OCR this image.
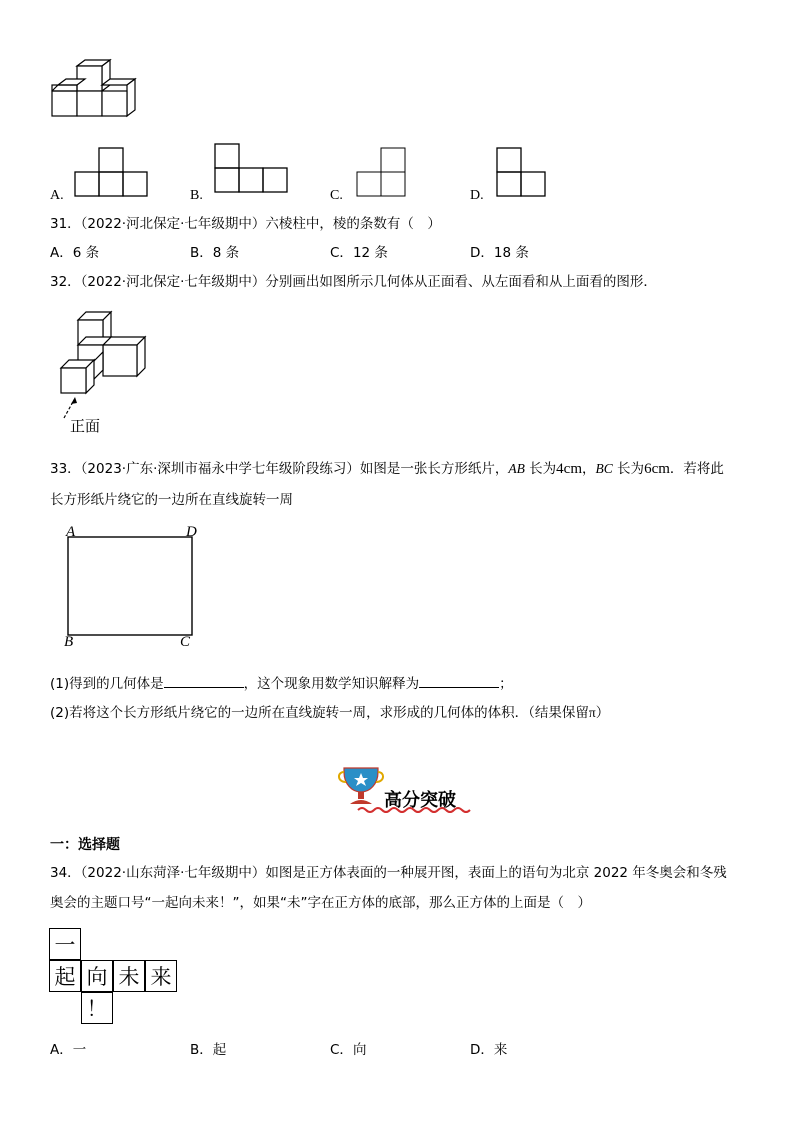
A.	B.	C.	D.
31．（2022·河北保定·七年级期中）六棱柱中，棱的条数有（　）
A．6 条	B．8 条	C．12 条	D．18 条
32．（2022·河北保定·七年级期中）分别画出如图所示几何体从正面看、从左面看和从上面看的图形．
正面
33．（2023·广东·深圳市福永中学七年级阶段练习）如图是一张长方形纸片，AB 长为4cm，BC 长为6cm．若将此
长方形纸片绕它的一边所在直线旋转一周
A	D
B	C
(1)得到的几何体是	，这个现象用数学知识解释为	；
(2)若将这个长方形纸片绕它的一边所在直线旋转一周，求形成的几何体的体积．（结果保留π）
高分突破
一：选择题
34．（2022·山东菏泽·七年级期中）如图是正方体表面的一种展开图，表面上的语句为北京 2022 年冬奥会和冬残
奥会的主题口号“一起向未来！”，如果“未”字在正方体的底部，那么正方体的上面是（　）
一
起 向 未 来
！
A．一	B．起	C．向	D．来
